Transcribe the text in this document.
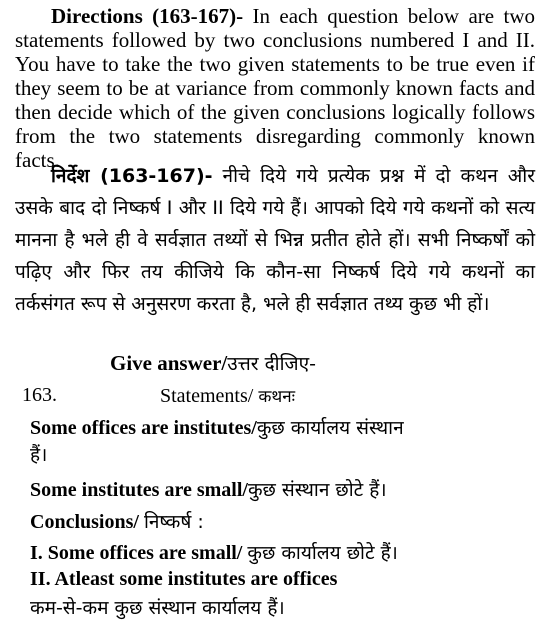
Directions (163-167)- In each question below are two statements followed by two conclusions numbered I and II. You have to take the two given statements to be true even if they seem to be at variance from commonly known facts and then decide which of the given conclusions logically follows from the two statements disregarding commonly known facts.

निर्देश (163-167)- नीचे दिये गये प्रत्येक प्रश्न में दो कथन और उसके बाद दो निष्कर्ष I और II दिये गये हैं। आपको दिये गये कथनों को सत्य मानना है भले ही वे सर्वज्ञात तथ्यों से भिन्न प्रतीत होते हों। सभी निष्कर्षों को पढ़िए और फिर तय कीजिये कि कौन-सा निष्कर्ष दिये गये कथनों का तर्कसंगत रूप से अनुसरण करता है, भले ही सर्वज्ञात तथ्य कुछ भी हों।

Give answer/उत्तर दीजिए-

163.	Statements/ कथनः

Some offices are institutes/कुछ कार्यालय संस्थान

हैं।

Some institutes are small/कुछ संस्थान छोटे हैं।

Conclusions/ निष्कर्ष :

I. Some offices are small/ कुछ कार्यालय छोटे हैं।

II. Atleast some institutes are offices

कम-से-कम कुछ संस्थान कार्यालय हैं।
